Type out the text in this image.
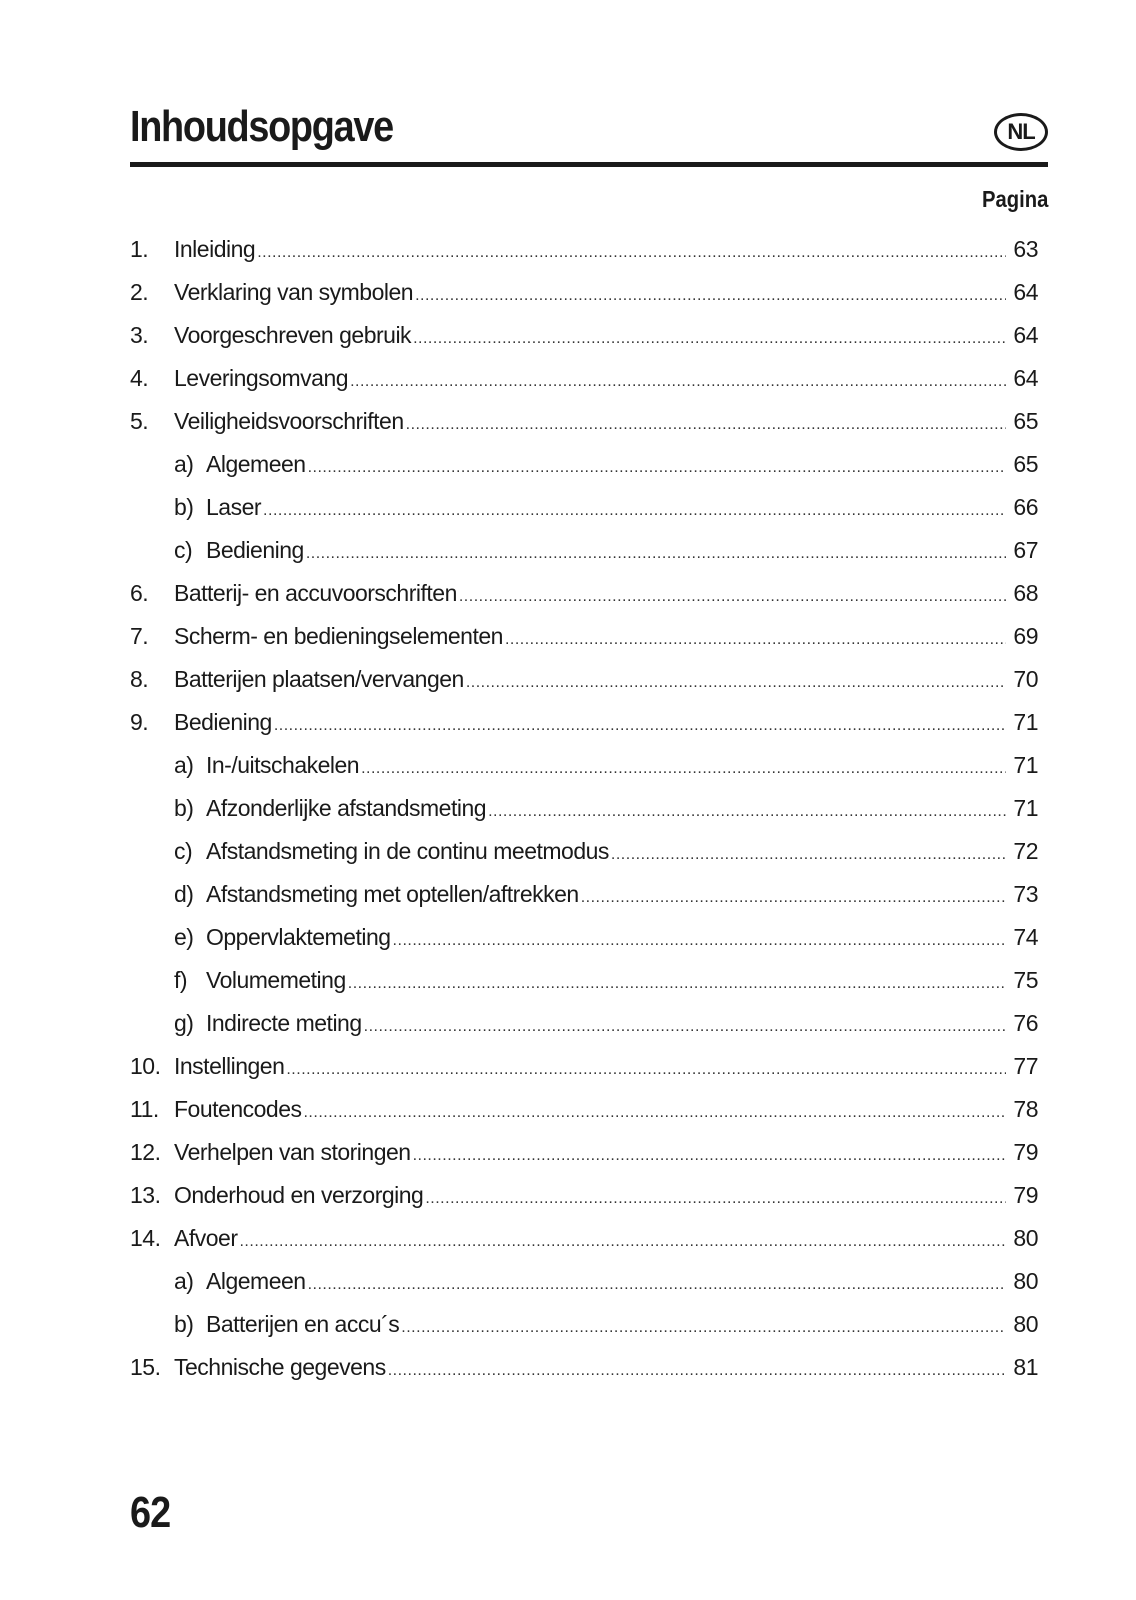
Inhoudsopgave	NL
Pagina
1.	Inleiding .....	63
2.	Verklaring van symbolen .....	64
3.	Voorgeschreven gebruik .....	64
4.	Leveringsomvang .....	64
5.	Veiligheidsvoorschriften .....	65
a) Algemeen .....	65
b) Laser .....	66
c) Bediening .....	67
6.	Batterij- en accuvoorschriften .....	68
7.	Scherm- en bedieningselementen .....	69
8.	Batterijen plaatsen/vervangen .....	70
9.	Bediening .....	71
a) In-/uitschakelen .....	71
b) Afzonderlijke afstandsmeting .....	71
c) Afstandsmeting in de continu meetmodus .....	72
d) Afstandsmeting met optellen/aftrekken .....	73
e) Oppervlaktemeting .....	74
f) Volumemeting .....	75
g) Indirecte meting .....	76
10. Instellingen .....	77
11. Foutencodes .....	78
12. Verhelpen van storingen .....	79
13. Onderhoud en verzorging .....	79
14. Afvoer .....	80
a) Algemeen .....	80
b) Batterijen en accu´s .....	80
15. Technische gegevens .....	81
62
